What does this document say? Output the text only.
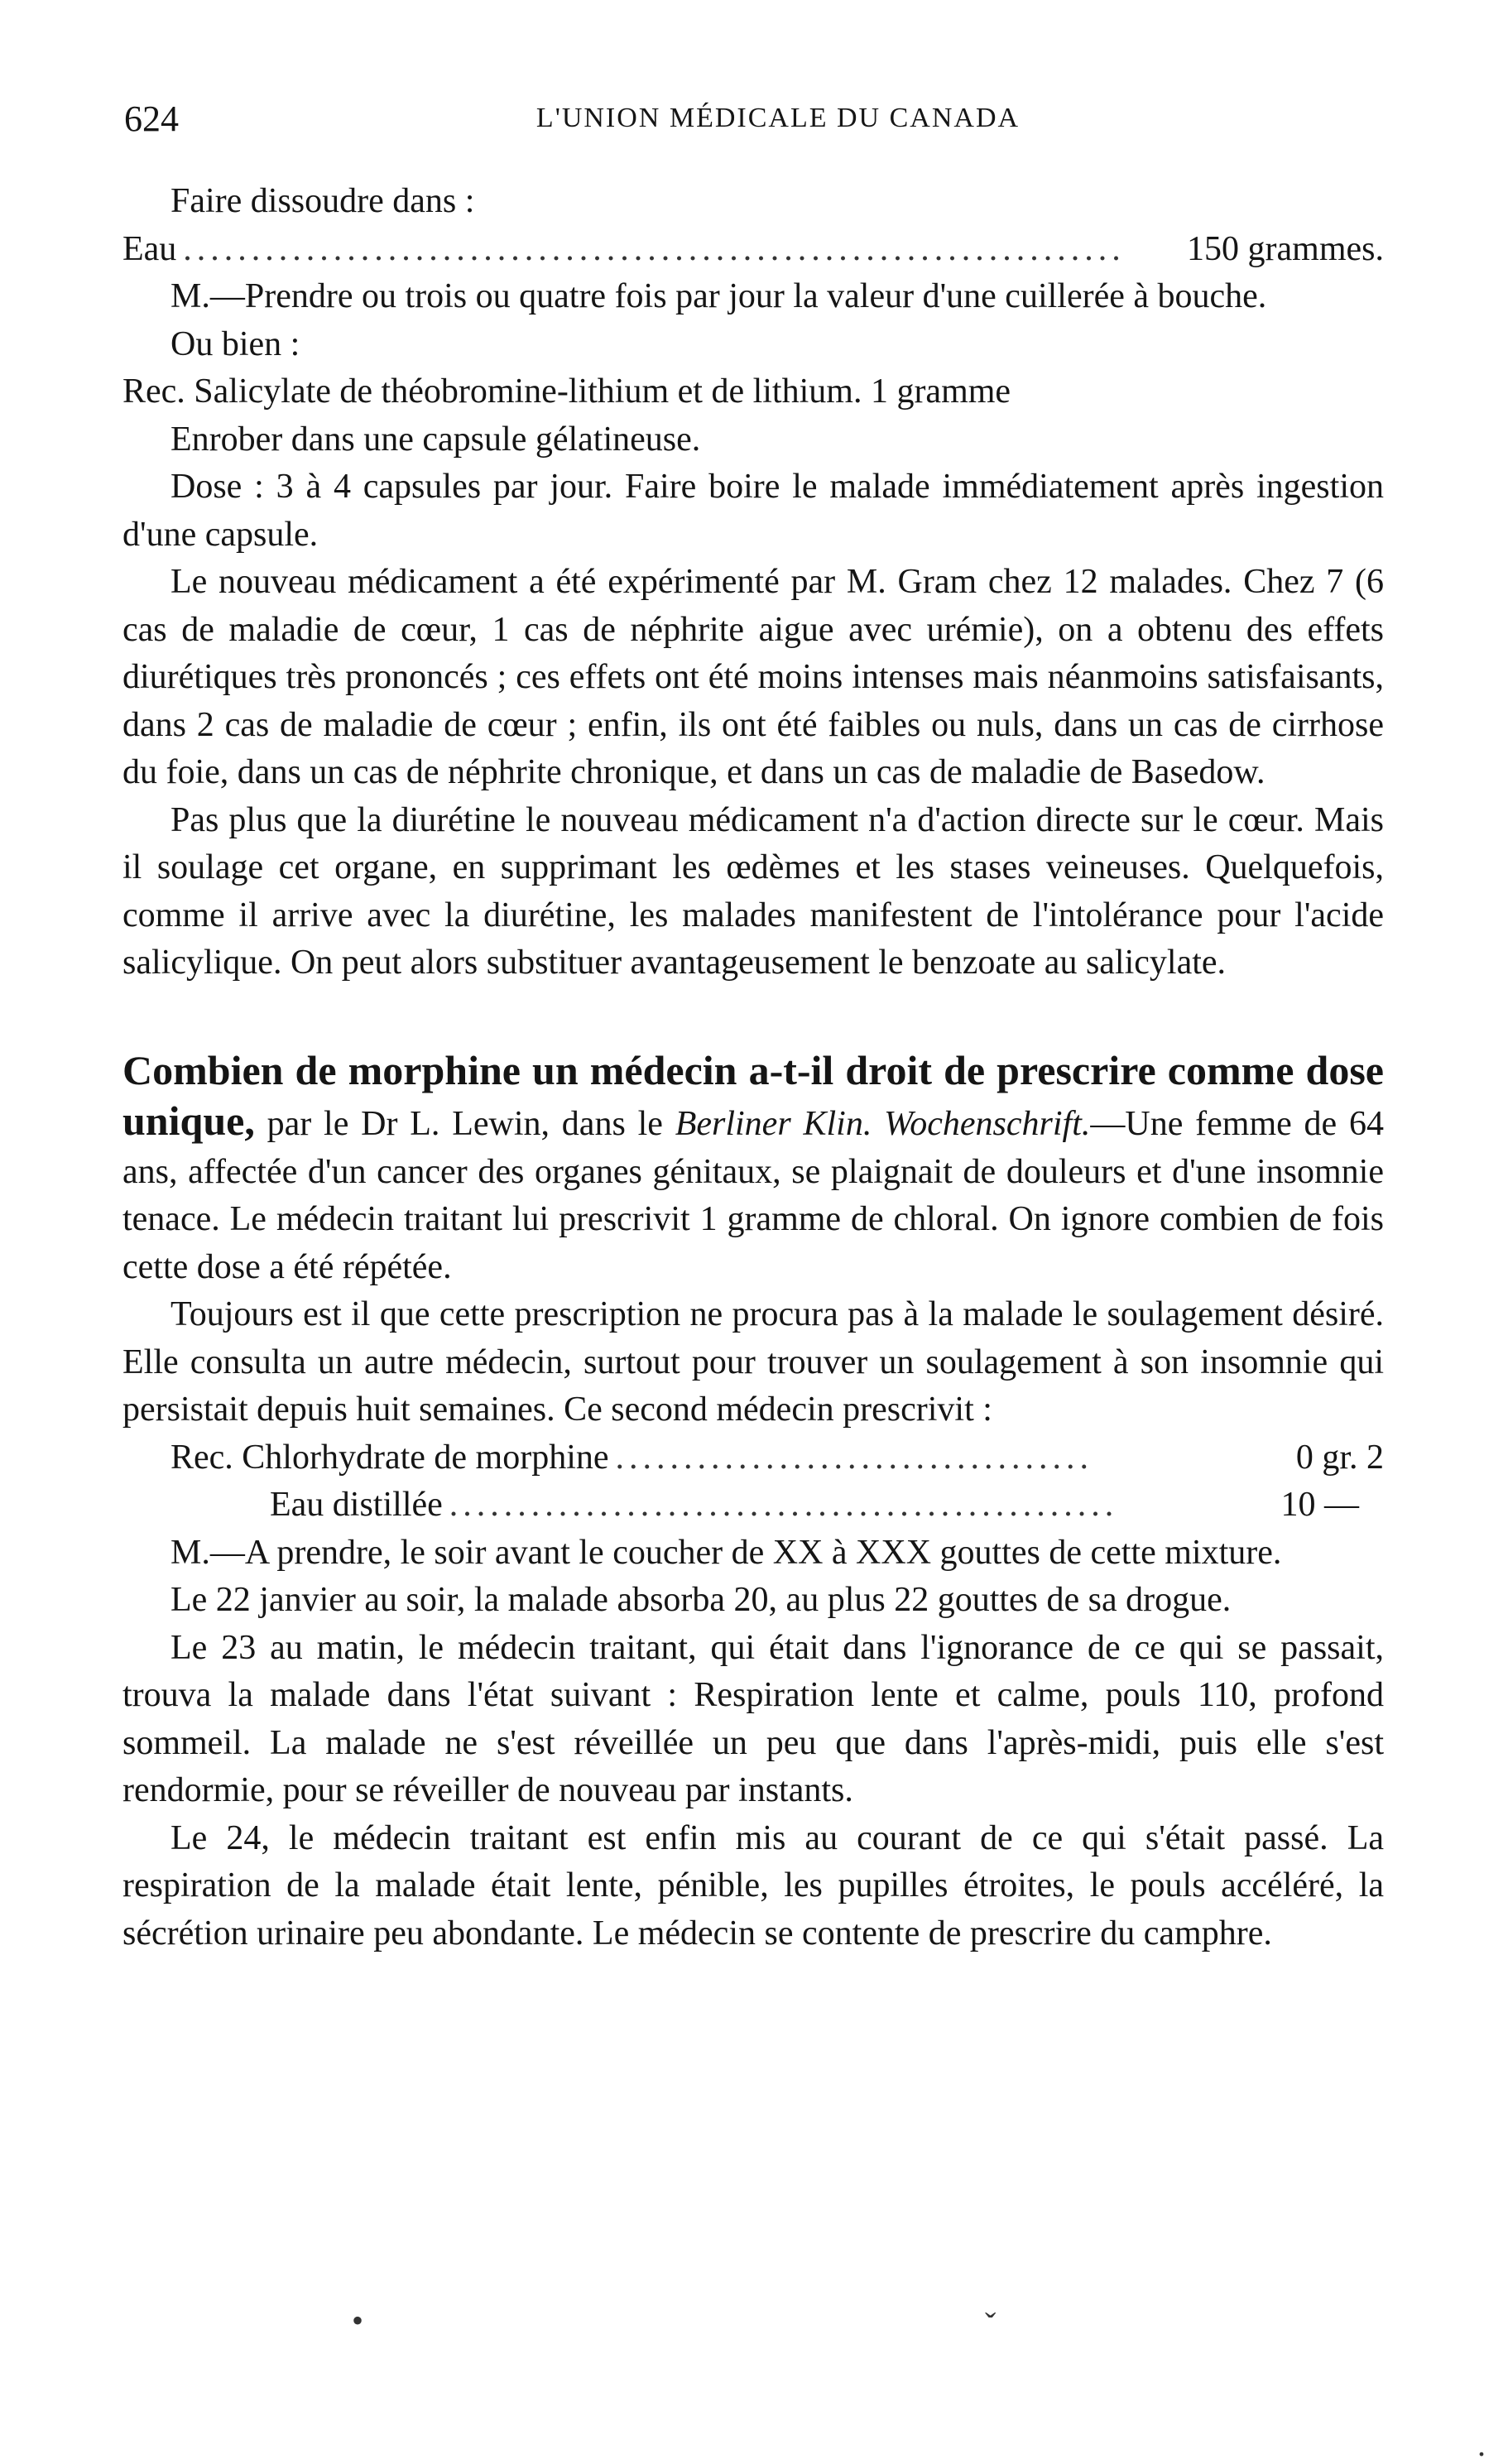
624	L'UNION MÉDICALE DU CANADA

Faire dissoudre dans :

Eau .....................................................................	150 grammes.

M.—Prendre ou trois ou quatre fois par jour la valeur d'une cuillerée à bouche.

Ou bien :

Rec. Salicylate de théobromine-lithium et de lithium. 1 gramme

Enrober dans une capsule gélatineuse.

Dose : 3 à 4 capsules par jour. Faire boire le malade immédiatement après ingestion d'une capsule.

Le nouveau médicament a été expérimenté par M. Gram chez 12 malades. Chez 7 (6 cas de maladie de cœur, 1 cas de néphrite aigue avec urémie), on a obtenu des effets diurétiques très prononcés ; ces effets ont été moins intenses mais néanmoins satisfaisants, dans 2 cas de maladie de cœur ; enfin, ils ont été faibles ou nuls, dans un cas de cirrhose du foie, dans un cas de néphrite chronique, et dans un cas de maladie de Basedow.

Pas plus que la diurétine le nouveau médicament n'a d'action directe sur le cœur. Mais il soulage cet organe, en supprimant les œdèmes et les stases veineuses. Quelquefois, comme il arrive avec la diurétine, les malades manifestent de l'intolérance pour l'acide salicylique. On peut alors substituer avantageusement le benzoate au salicylate.

Combien de morphine un médecin a-t-il droit de prescrire comme dose unique, par le Dr L. Lewin, dans le Berliner Klin. Wochenschrift.—Une femme de 64 ans, affectée d'un cancer des organes génitaux, se plaignait de douleurs et d'une insomnie tenace. Le médecin traitant lui prescrivit 1 gramme de chloral. On ignore combien de fois cette dose a été répétée.

Toujours est il que cette prescription ne procura pas à la malade le soulagement désiré. Elle consulta un autre médecin, surtout pour trouver un soulagement à son insomnie qui persistait depuis huit semaines. Ce second médecin prescrivit :

Rec. Chlorhydrate de morphine ...................................	0 gr. 2
Eau distillée .................................................	10 —

M.—A prendre, le soir avant le coucher de XX à XXX gouttes de cette mixture.

Le 22 janvier au soir, la malade absorba 20, au plus 22 gouttes de sa drogue.

Le 23 au matin, le médecin traitant, qui était dans l'ignorance de ce qui se passait, trouva la malade dans l'état suivant : Respiration lente et calme, pouls 110, profond sommeil. La malade ne s'est réveillée un peu que dans l'après-midi, puis elle s'est rendormie, pour se réveiller de nouveau par instants.

Le 24, le médecin traitant est enfin mis au courant de ce qui s'était passé. La respiration de la malade était lente, pénible, les pupilles étroites, le pouls accéléré, la sécrétion urinaire peu abondante. Le médecin se contente de prescrire du camphre.

•	ˇ
.
